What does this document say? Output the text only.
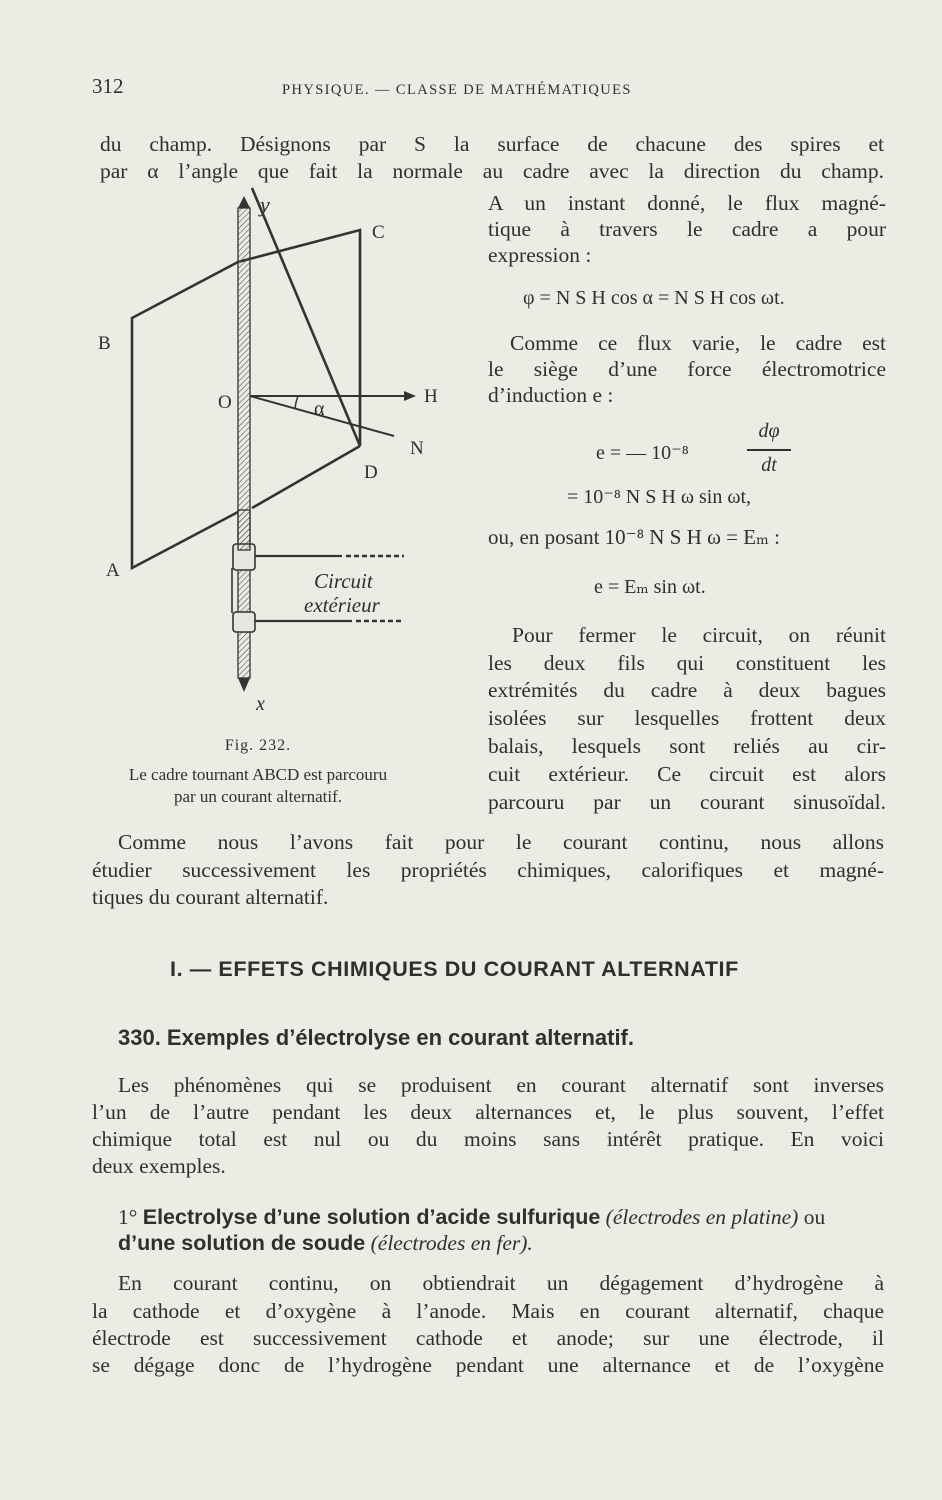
312	PHYSIQUE. — CLASSE DE MATHÉMATIQUES
du champ. Désignons par S la surface de chacune des spires et
par α l’angle que fait la normale au cadre avec la direction du champ.
A un instant donné, le flux magné-
tique à travers le cadre a pour
expression :
φ = N S H cos α = N S H cos ωt.
Comme ce flux varie, le cadre est
le siège d’une force électromotrice
d’induction e :
e = — 10⁻⁸
dφ
dt
= 10⁻⁸ N S H ω sin ωt,
ou, en posant 10⁻⁸ N S H ω = Eₘ :
e = Eₘ sin ωt.
Pour fermer le circuit, on réunit
les deux fils qui constituent les
extrémités du cadre à deux bagues
isolées sur lesquelles frottent deux
balais, lesquels sont reliés au cir-
cuit extérieur. Ce circuit est alors
parcouru par un courant sinusoïdal.
y
C
B
O	α
H
N
D
A
x
Circuit
extérieur
Fig. 232.
Le cadre tournant ABCD est parcouru
par un courant alternatif.
Comme nous l’avons fait pour le courant continu, nous allons
étudier successivement les propriétés chimiques, calorifiques et magné-
tiques du courant alternatif.
I. — EFFETS CHIMIQUES DU COURANT ALTERNATIF
330. Exemples d’électrolyse en courant alternatif.
Les phénomènes qui se produisent en courant alternatif sont inverses
l’un de l’autre pendant les deux alternances et, le plus souvent, l’effet
chimique total est nul ou du moins sans intérêt pratique. En voici
deux exemples.
1° Electrolyse d’une solution d’acide sulfurique (électrodes en platine) ou d’une solution de soude (électrodes en fer).
En courant continu, on obtiendrait un dégagement d’hydrogène à
la cathode et d’oxygène à l’anode. Mais en courant alternatif, chaque
électrode est successivement cathode et anode; sur une électrode, il
se dégage donc de l’hydrogène pendant une alternance et de l’oxygène
